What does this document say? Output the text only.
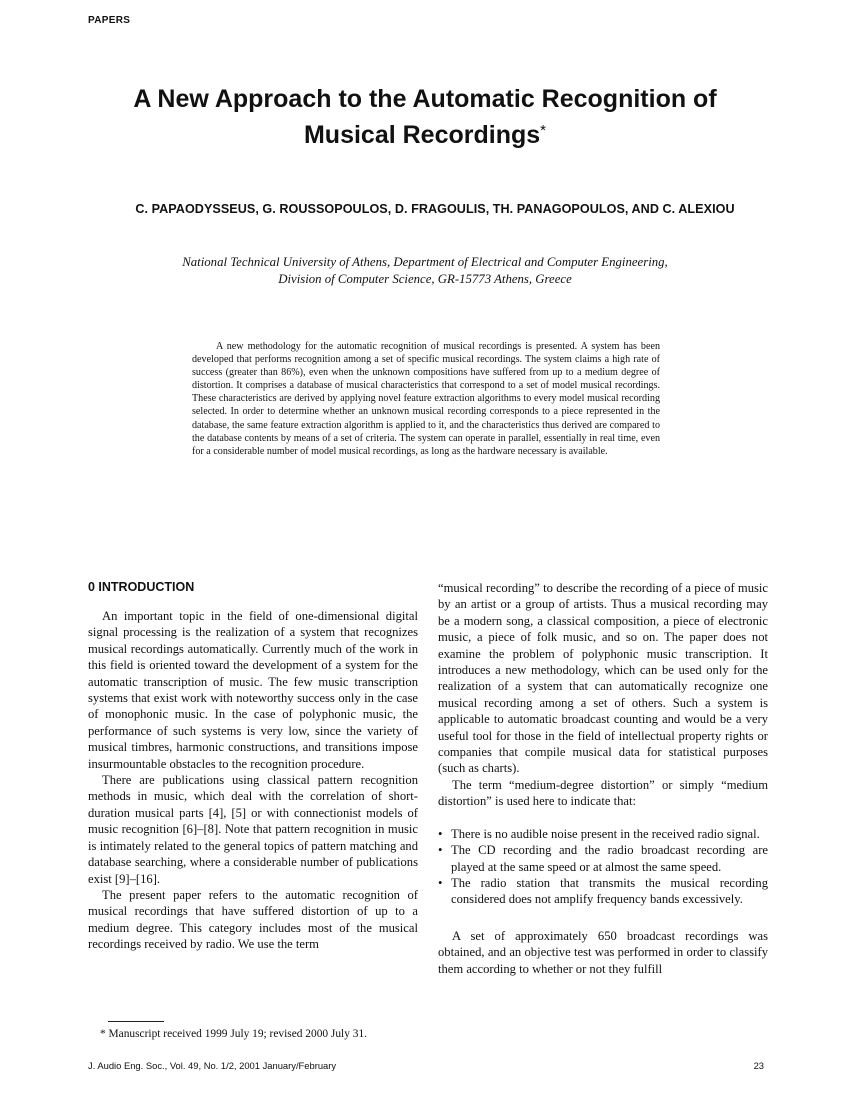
PAPERS
A New Approach to the Automatic Recognition of
Musical Recordings*
C. PAPAODYSSEUS, G. ROUSSOPOULOS, D. FRAGOULIS, TH. PANAGOPOULOS, AND C. ALEXIOU
National Technical University of Athens, Department of Electrical and Computer Engineering,
Division of Computer Science, GR-15773 Athens, Greece

A new methodology for the automatic recognition of musical recordings is presented. A system has been developed that performs recognition among a set of specific musical recordings. The system claims a high rate of success (greater than 86%), even when the unknown compositions have suffered from up to a medium degree of distortion. It comprises a database of musical characteristics that correspond to a set of model musical recordings. These characteristics are derived by applying novel feature extraction algorithms to every model musical recording selected. In order to determine whether an unknown musical recording corresponds to a piece represented in the database, the same feature extraction algorithm is applied to it, and the characteristics thus derived are compared to the database contents by means of a set of criteria. The system can operate in parallel, essentially in real time, even for a considerable number of model musical recordings, as long as the hardware necessary is available.

0 INTRODUCTION

An important topic in the field of one-dimensional digital signal processing is the realization of a system that recognizes musical recordings automatically. Currently much of the work in this field is oriented toward the development of a system for the automatic transcription of music. The few music transcription systems that exist work with noteworthy success only in the case of monophonic music. In the case of polyphonic music, the performance of such systems is very low, since the variety of musical timbres, harmonic constructions, and transitions impose insurmountable obstacles to the recognition procedure.

There are publications using classical pattern recognition methods in music, which deal with the correlation of short-duration musical parts [4], [5] or with connectionist models of music recognition [6]–[8]. Note that pattern recognition in music is intimately related to the general topics of pattern matching and database searching, where a considerable number of publications exist [9]–[16].

The present paper refers to the automatic recognition of musical recordings that have suffered distortion of up to a medium degree. This category includes most of the musical recordings received by radio. We use the term

“musical recording” to describe the recording of a piece of music by an artist or a group of artists. Thus a musical recording may be a modern song, a classical composition, a piece of electronic music, a piece of folk music, and so on. The paper does not examine the problem of polyphonic music transcription. It introduces a new methodology, which can be used only for the realization of a system that can automatically recognize one musical recording among a set of others. Such a system is applicable to automatic broadcast counting and would be a very useful tool for those in the field of intellectual property rights or companies that compile musical data for statistical purposes (such as charts).

The term “medium-degree distortion” or simply “medium distortion” is used here to indicate that:

• There is no audible noise present in the received radio signal.
• The CD recording and the radio broadcast recording are played at the same speed or at almost the same speed.
• The radio station that transmits the musical recording considered does not amplify frequency bands excessively.

A set of approximately 650 broadcast recordings was obtained, and an objective test was performed in order to classify them according to whether or not they fulfill

* Manuscript received 1999 July 19; revised 2000 July 31.
J. Audio Eng. Soc., Vol. 49, No. 1/2, 2001 January/February	23
